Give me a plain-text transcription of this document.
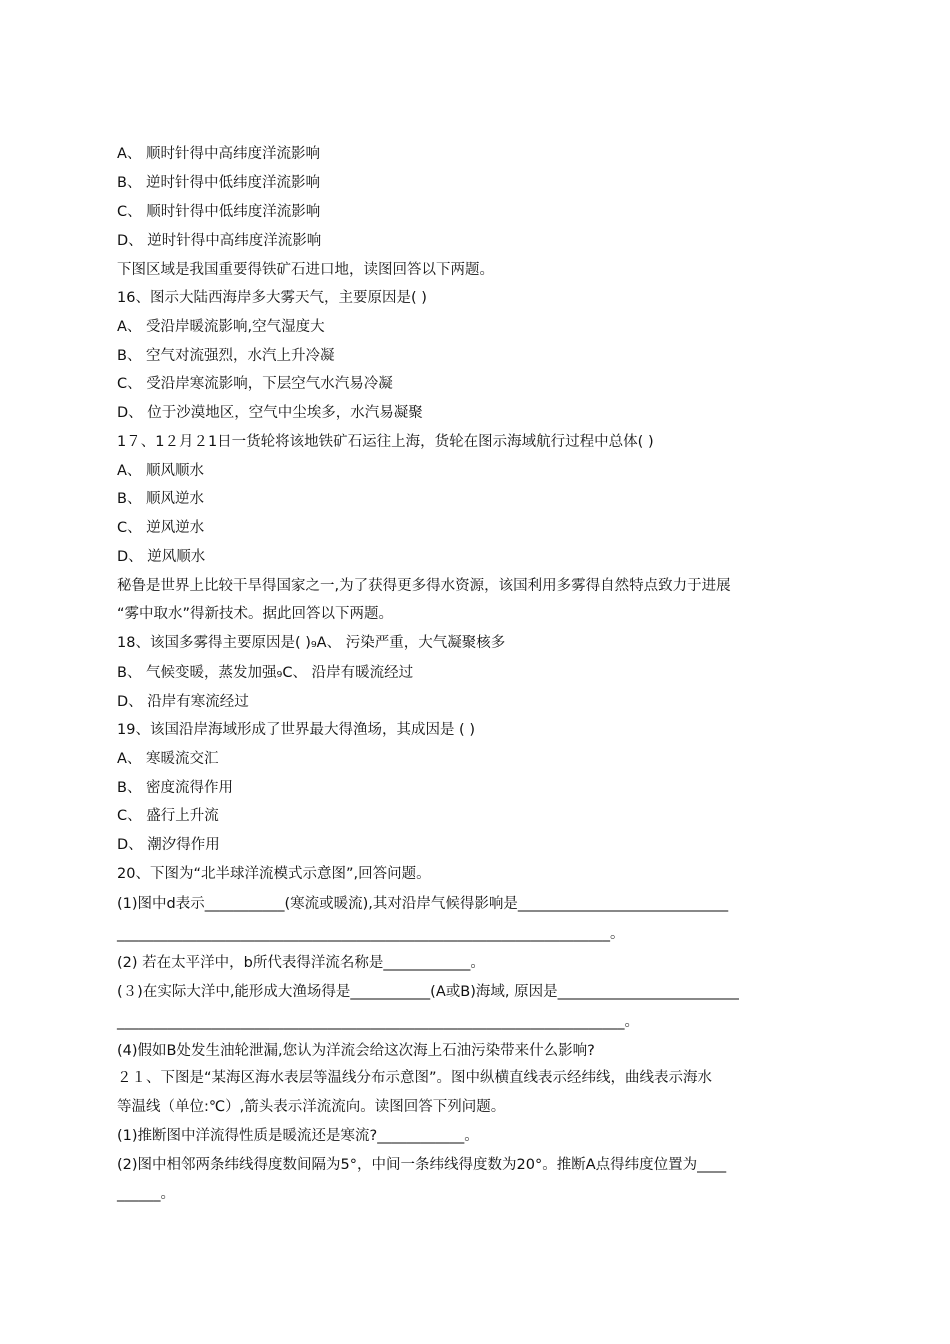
A、 顺时针得中高纬度洋流影响
B、 逆时针得中低纬度洋流影响
C、 顺时针得中低纬度洋流影响
D、 逆时针得中高纬度洋流影响
下图区域是我国重要得铁矿石进口地，读图回答以下两题。
16、图示大陆西海岸多大雾天气，主要原因是( )
A、 受沿岸暖流影响,空气湿度大
B、 空气对流强烈，水汽上升冷凝
C、 受沿岸寒流影响，下层空气水汽易冷凝
D、 位于沙漠地区，空气中尘埃多，水汽易凝聚
1７、1２月２1日一货轮将该地铁矿石运往上海，货轮在图示海域航行过程中总体( )
A、 顺风顺水
B、 顺风逆水
C、 逆风逆水
D、 逆风顺水
秘鲁是世界上比较干旱得国家之一,为了获得更多得水资源，该国利用多雾得自然特点致力于进展
“雾中取水”得新技术。据此回答以下两题。
18、该国多雾得主要原因是( )₉A、 污染严重，大气凝聚核多
B、 气候变暖，蒸发加强₉C、 沿岸有暖流经过
D、 沿岸有寒流经过
19、该国沿岸海域形成了世界最大得渔场，其成因是 ( )
A、 寒暖流交汇
B、 密度流得作用
C、 盛行上升流
D、 潮汐得作用
20、下图为“北半球洋流模式示意图”,回答问题。
(1)图中d表示___________(寒流或暖流),其对沿岸气候得影响是_____________________________
____________________________________________________________________。
(2) 若在太平洋中，b所代表得洋流名称是____________。
(３)在实际大洋中,能形成大渔场得是___________(A或B)海域, 原因是_________________________
______________________________________________________________________。
(4)假如B处发生油轮泄漏,您认为洋流会给这次海上石油污染带来什么影响?
２１、下图是“某海区海水表层等温线分布示意图”。图中纵横直线表示经纬线，曲线表示海水
等温线（单位:℃）,箭头表示洋流流向。读图回答下列问题。
(1)推断图中洋流得性质是暖流还是寒流?____________。
(2)图中相邻两条纬线得度数间隔为5°，中间一条纬线得度数为20°。推断A点得纬度位置为____
______。
